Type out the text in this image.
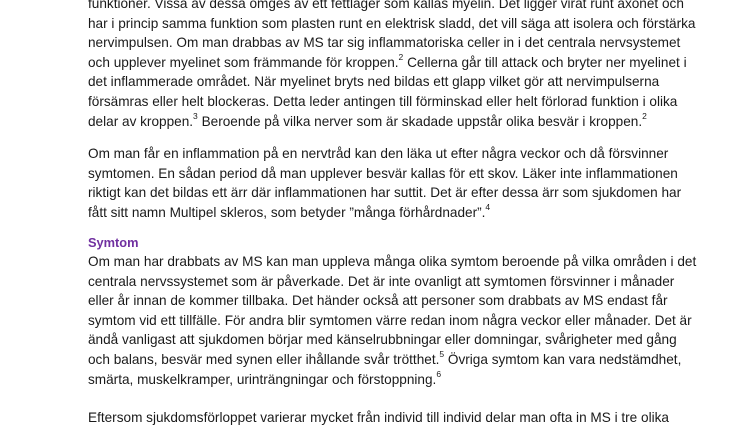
funktioner. Vissa av dessa omges av ett fettlager som kallas myelin. Det ligger virat runt axonet och
har i princip samma funktion som plasten runt en elektrisk sladd, det vill säga att isolera och förstärka
nervimpulsen. Om man drabbas av MS tar sig inflammatoriska celler in i det centrala nervsystemet
och upplever myelinet som främmande för kroppen.$^2$ Cellerna går till attack och bryter ner myelinet i
det inflammerade området. När myelinet bryts ned bildas ett glapp vilket gör att nervimpulserna
försämras eller helt blockeras. Detta leder antingen till förminskad eller helt förlorad funktion i olika
delar av kroppen.$^3$ Beroende på vilka nerver som är skadade uppstår olika besvär i kroppen.$^2$
Om man får en inflammation på en nervtråd kan den läka ut efter några veckor och då försvinner
symtomen. En sådan period då man upplever besvär kallas för ett skov. Läker inte inflammationen
riktigt kan det bildas ett ärr där inflammationen har suttit. Det är efter dessa ärr som sjukdomen har
fått sitt namn Multipel skleros, som betyder ”många förhårdnader”.$^4$
Symtom
Om man har drabbats av MS kan man uppleva många olika symtom beroende på vilka områden i det
centrala nervssystemet som är påverkade. Det är inte ovanligt att symtomen försvinner i månader
eller år innan de kommer tillbaka. Det händer också att personer som drabbats av MS endast får
symtom vid ett tillfälle. För andra blir symtomen värre redan inom några veckor eller månader. Det är
ändå vanligast att sjukdomen börjar med känselrubbningar eller domningar, svårigheter med gång
och balans, besvär med synen eller ihållande svår trötthet.$^5$ Övriga symtom kan vara nedstämdhet,
smärta, muskelkramper, urinträngningar och förstoppning.$^6$
Eftersom sjukdomsförloppet varierar mycket från individ till individ delar man ofta in MS i tre olika
